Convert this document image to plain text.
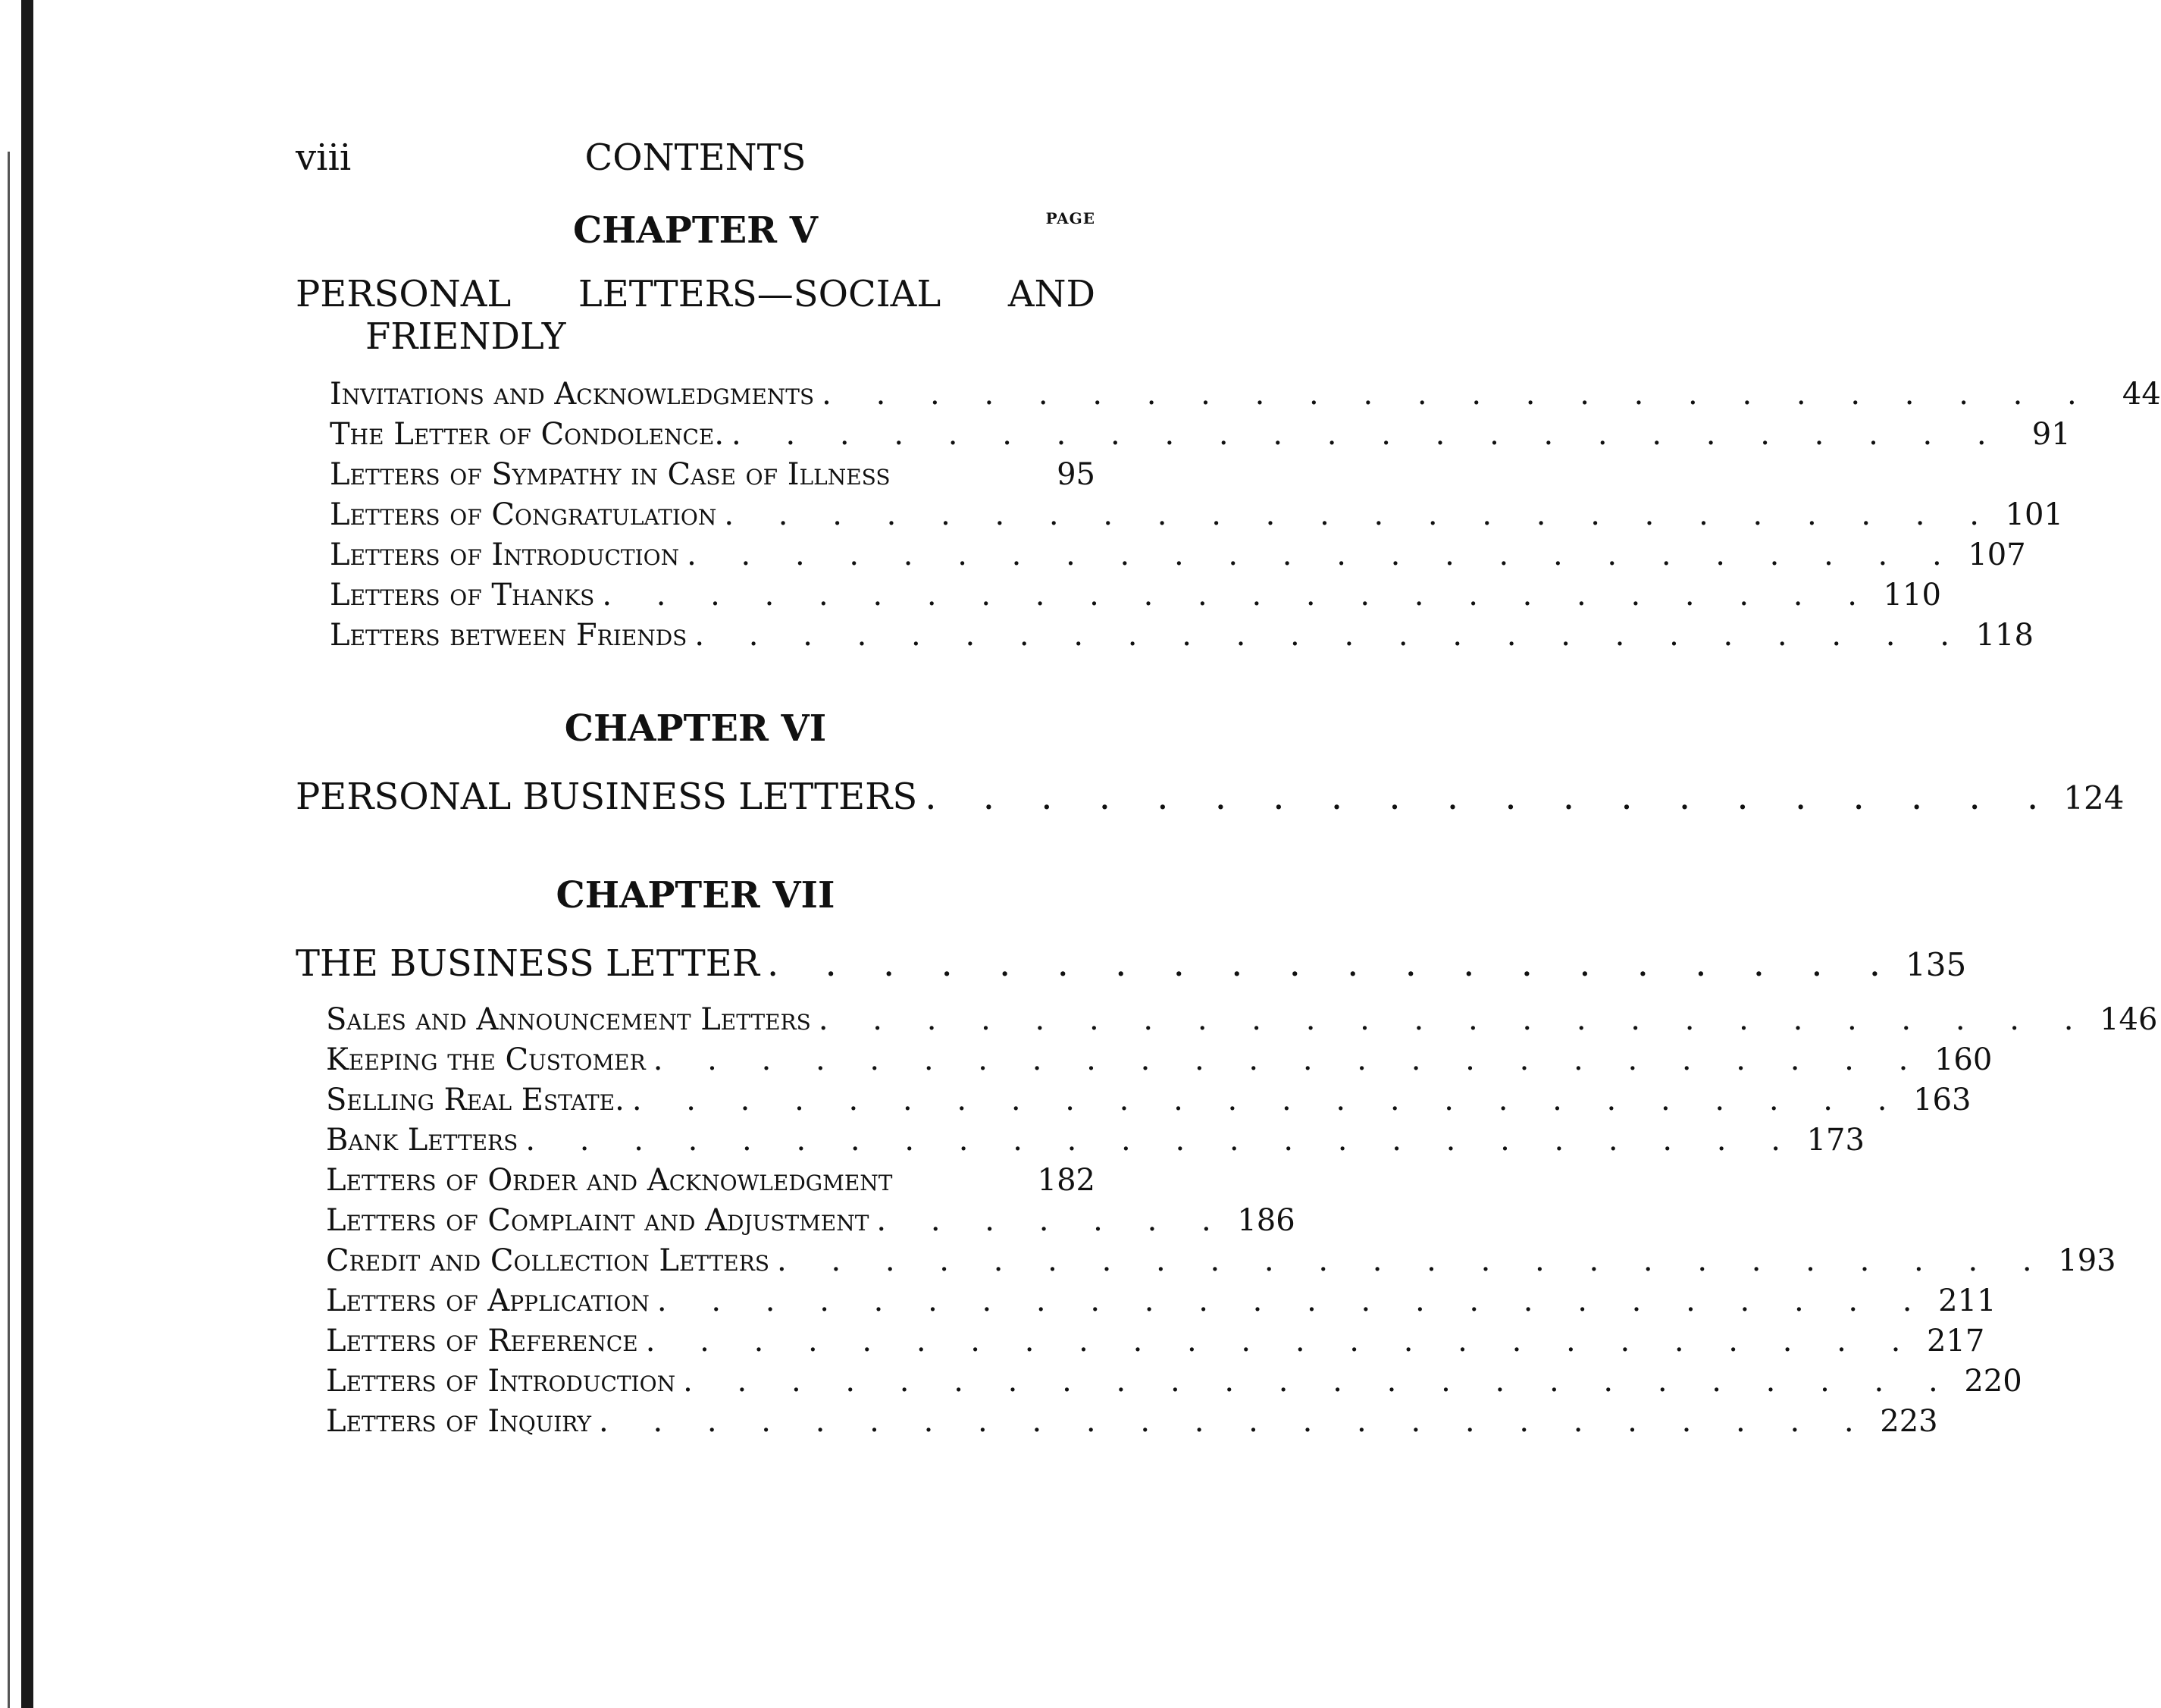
viii	CONTENTS
PAGE
CHAPTER V
PERSONAL LETTERS—SOCIAL AND
FRIENDLY
Invitations and Acknowledgments . . . . . . . . . . . . . . . . . . . . . . . . 44
The Letter of Condolence. . . . . . . . . . . . . . . . . . . . . . . . . 91
Letters of Sympathy in Case of Illness	95
Letters of Congratulation . . . . . . . . . . . . . . . . . . . . . . . . 101
Letters of Introduction . . . . . . . . . . . . . . . . . . . . . . . . 107
Letters of Thanks . . . . . . . . . . . . . . . . . . . . . . . . 110
Letters between Friends . . . . . . . . . . . . . . . . . . . . . . . . 118
CHAPTER VI
PERSONAL BUSINESS LETTERS . . . . . . . . . . . . . . . . . . . . 124
CHAPTER VII
THE BUSINESS LETTER . . . . . . . . . . . . . . . . . . . . 135
Sales and Announcement Letters . . . . . . . . . . . . . . . . . . . . . . . . 146
Keeping the Customer . . . . . . . . . . . . . . . . . . . . . . . . 160
Selling Real Estate. . . . . . . . . . . . . . . . . . . . . . . . . 163
Bank Letters . . . . . . . . . . . . . . . . . . . . . . . . 173
Letters of Order and Acknowledgment	182
Letters of Complaint and Adjustment . . . . . . . 186
Credit and Collection Letters . . . . . . . . . . . . . . . . . . . . . . . . 193
Letters of Application . . . . . . . . . . . . . . . . . . . . . . . . 211
Letters of Reference . . . . . . . . . . . . . . . . . . . . . . . . 217
Letters of Introduction . . . . . . . . . . . . . . . . . . . . . . . . 220
Letters of Inquiry . . . . . . . . . . . . . . . . . . . . . . . . 223
